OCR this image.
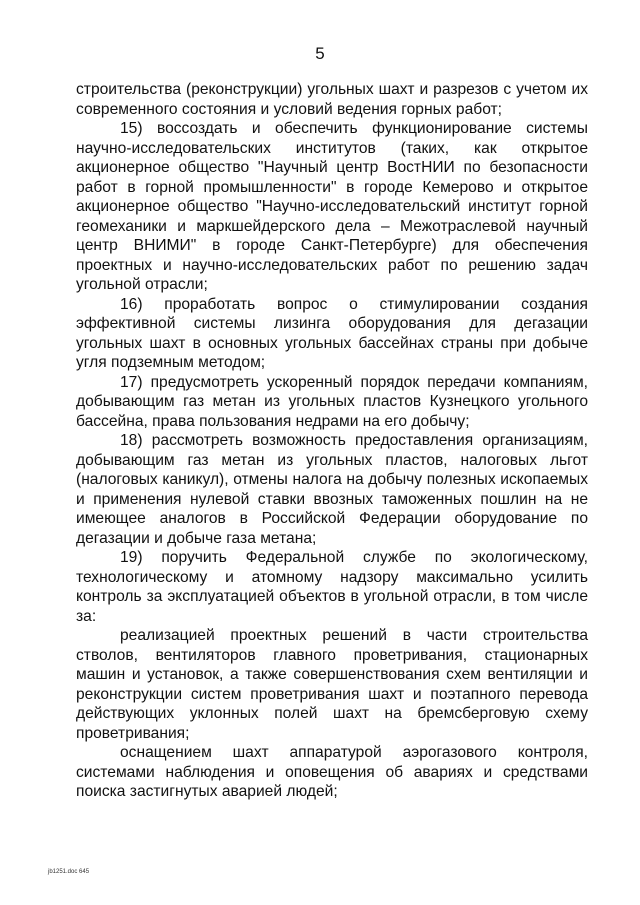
5

строительства (реконструкции) угольных шахт и разрезов с учетом их современного состояния и условий ведения горных работ;

15) воссоздать и обеспечить функционирование системы научно-исследовательских институтов (таких, как открытое акционерное общество "Научный центр ВостНИИ по безопасности работ в горной промышленности" в городе Кемерово и открытое акционерное общество "Научно-исследовательский институт горной геомеханики и маркшейдерского дела – Межотраслевой научный центр ВНИМИ" в городе Санкт-Петербурге) для обеспечения проектных и научно-исследовательских работ по решению задач угольной отрасли;

16) проработать вопрос о стимулировании создания эффективной системы лизинга оборудования для дегазации угольных шахт в основных угольных бассейнах страны при добыче угля подземным методом;

17) предусмотреть ускоренный порядок передачи компаниям, добывающим газ метан из угольных пластов Кузнецкого угольного бассейна, права пользования недрами на его добычу;

18) рассмотреть возможность предоставления организациям, добывающим газ метан из угольных пластов, налоговых льгот (налоговых каникул), отмены налога на добычу полезных ископаемых и применения нулевой ставки ввозных таможенных пошлин на не имеющее аналогов в Российской Федерации оборудование по дегазации и добыче газа метана;

19) поручить Федеральной службе по экологическому, технологическому и атомному надзору максимально усилить контроль за эксплуатацией объектов в угольной отрасли, в том числе за:

реализацией проектных решений в части строительства стволов, вентиляторов главного проветривания, стационарных машин и установок, а также совершенствования схем вентиляции и реконструкции систем проветривания шахт и поэтапного перевода действующих уклонных полей шахт на бремсберговую схему проветривания;

оснащением шахт аппаратурой аэрогазового контроля, системами наблюдения и оповещения об авариях и средствами поиска застигнутых аварией людей;

jb1251.doc 645
